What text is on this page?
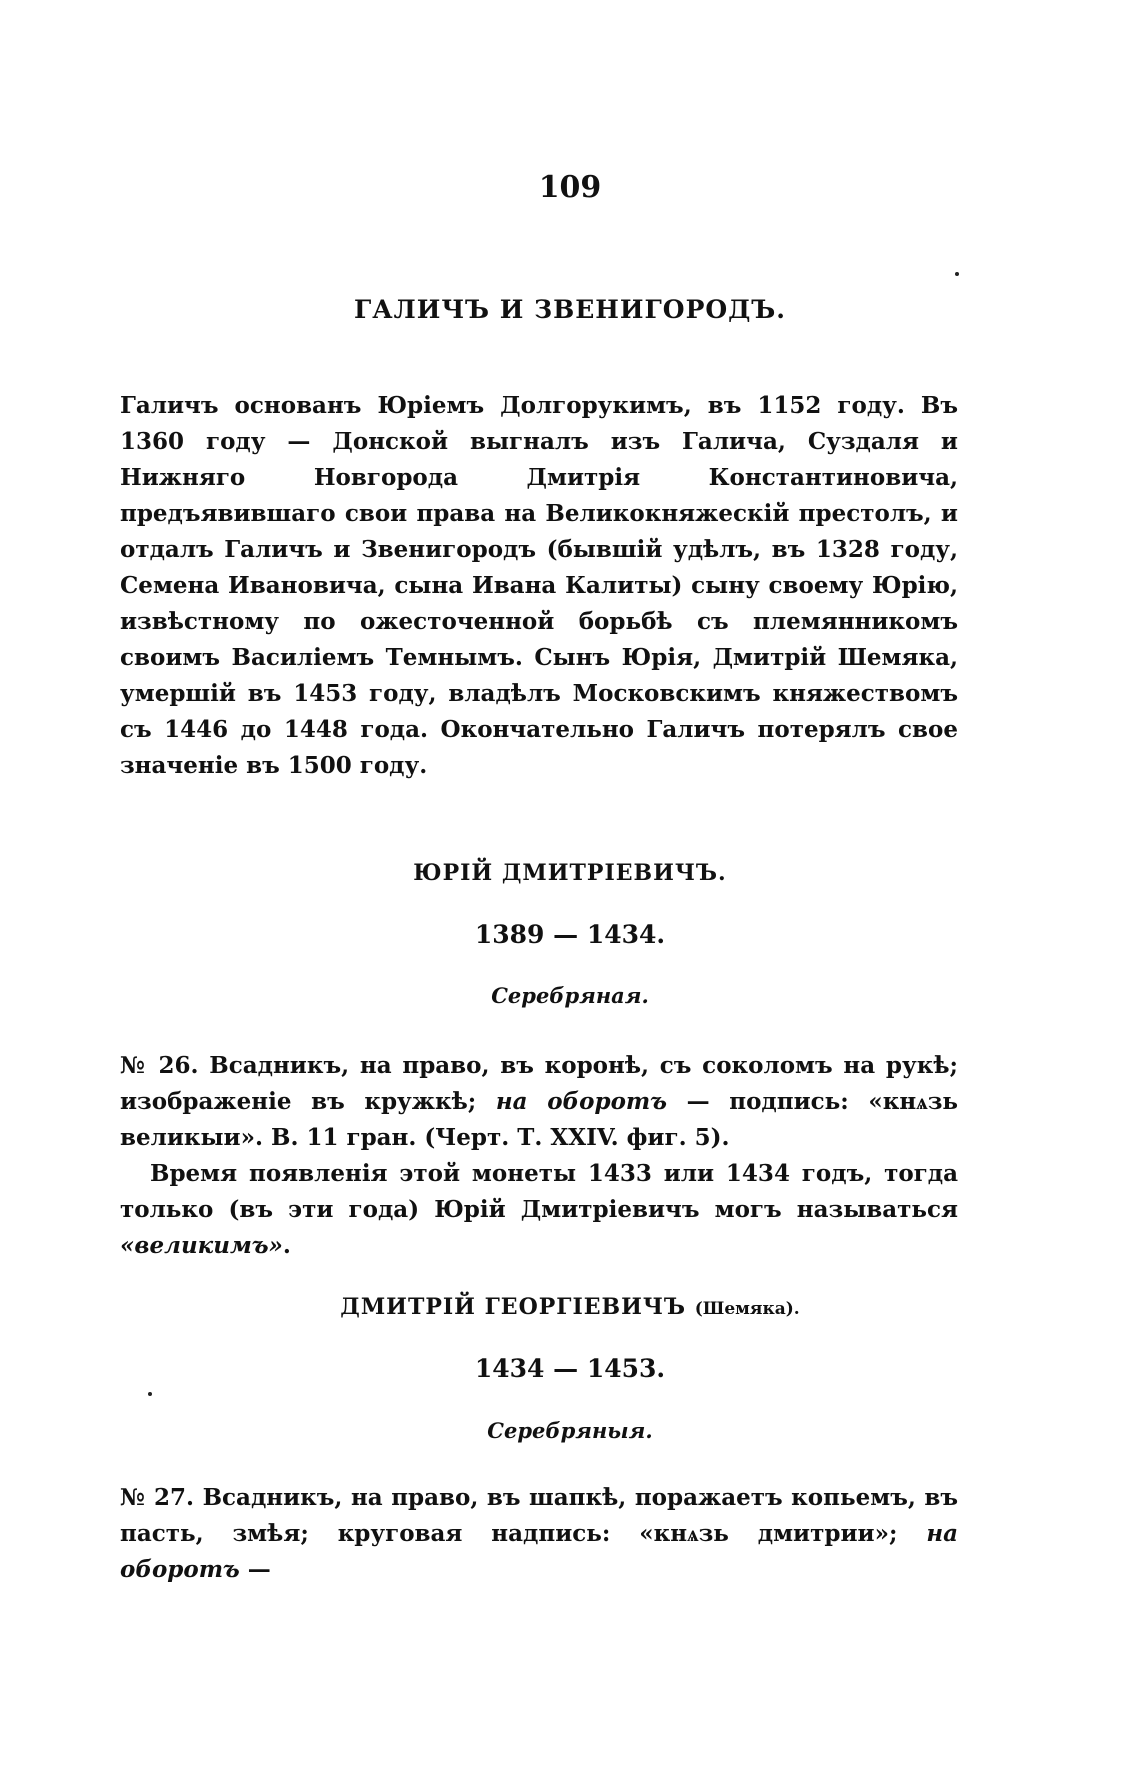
109
ГАЛИЧЪ И ЗВЕНИГОРОДЪ.

Галичъ основанъ Юріемъ Долгорукимъ, въ 1152 году. Въ 1360 году — Донской выгналъ изъ Галича, Суздаля и Нижняго Новгорода Дмитрія Константиновича, предъявившаго свои права на Великокняжескій престолъ, и отдалъ Галичъ и Звенигородъ (бывшій удѣлъ, въ 1328 году, Семена Ивановича, сына Ивана Калиты) сыну своему Юрію, извѣстному по ожесточенной борьбѣ съ племянникомъ своимъ Василіемъ Темнымъ. Сынъ Юрія, Дмитрій Шемяка, умершій въ 1453 году, владѣлъ Московскимъ княжествомъ съ 1446 до 1448 года. Окончательно Галичъ потерялъ свое значеніе въ 1500 году.

ЮРІЙ ДМИТРІЕВИЧЪ.
1389 — 1434.
Серебряная.

№ 26. Всадникъ, на право, въ коронѣ, съ соколомъ на рукѣ; изображеніе въ кружкѣ; на оборотъ — подпись: «кнѧзь великыи». В. 11 гран. (Черт. Т. XXIV. фиг. 5).

Время появленія этой монеты 1433 или 1434 годъ, тогда только (въ эти года) Юрій Дмитріевичъ могъ называться «великимъ».

ДМИТРІЙ ГЕОРГІЕВИЧЪ (Шемяка).
1434 — 1453.
Серебряныя.

№ 27. Всадникъ, на право, въ шапкѣ, поражаетъ копьемъ, въ пасть, змѣя; круговая надпись: «кнѧзь дмитрии»; на оборотъ —
